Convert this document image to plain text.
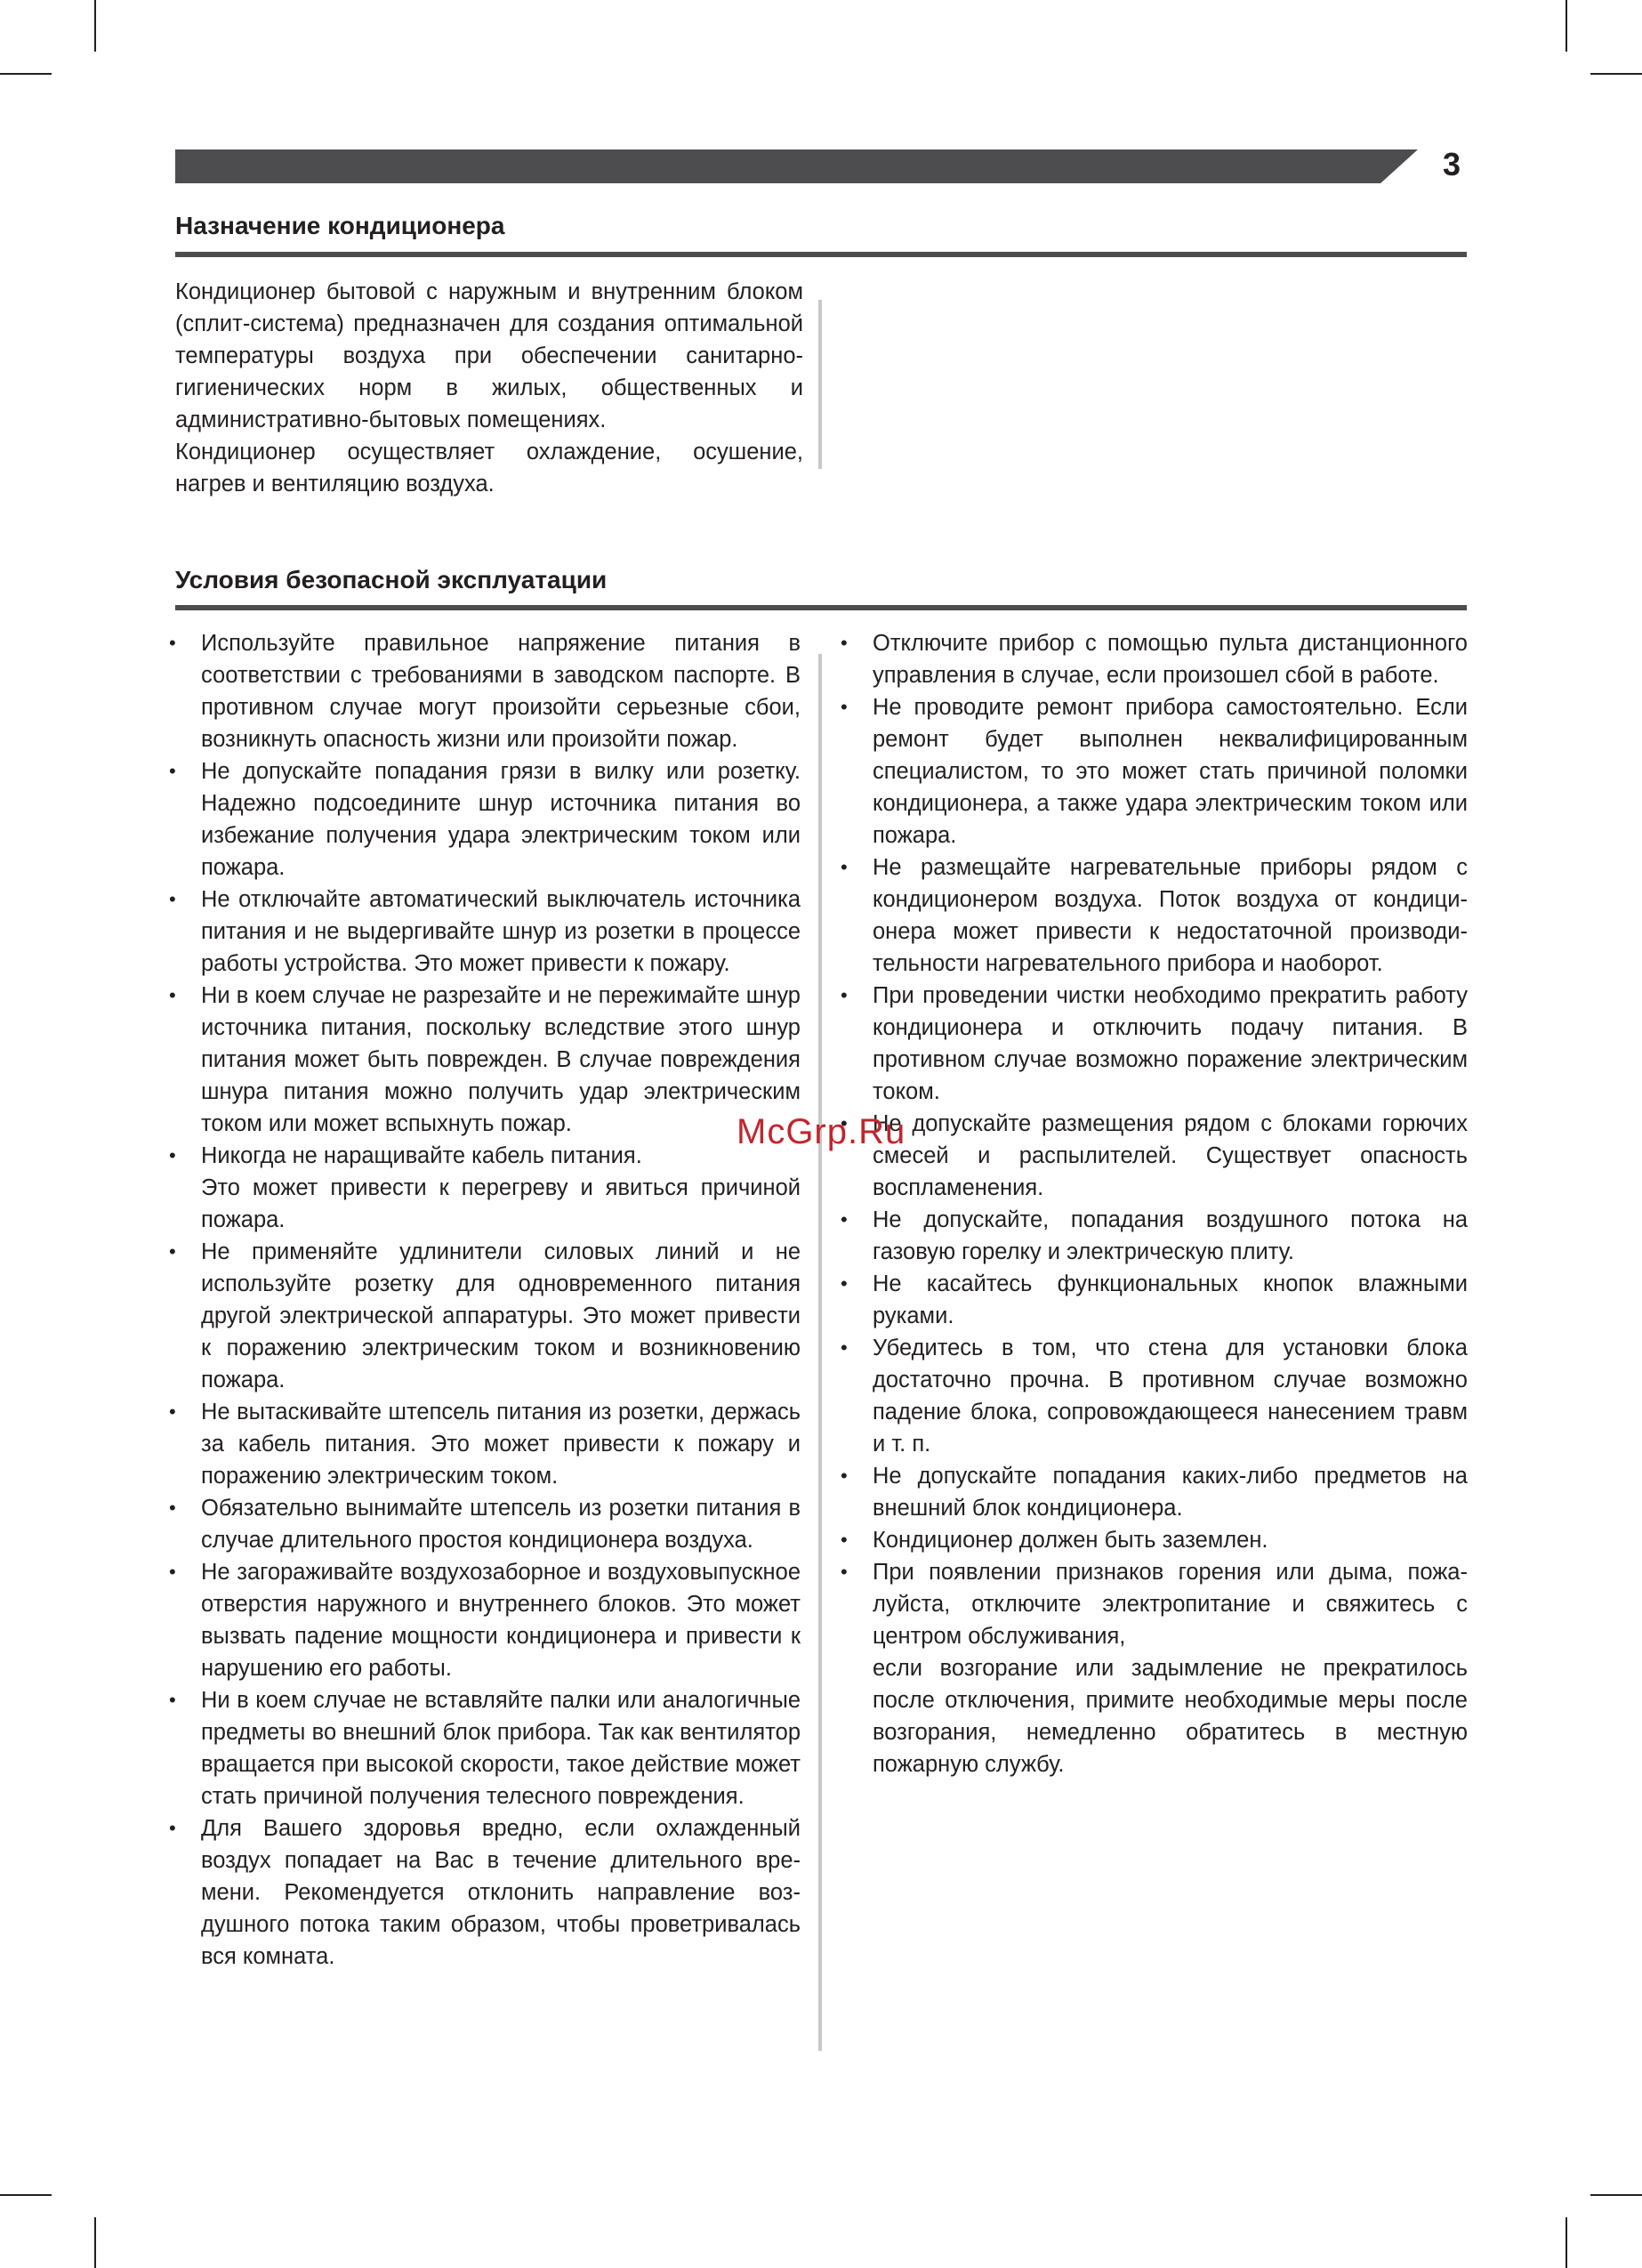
3
Назначение кондиционера

Кондиционер бытовой с наружным и внутренним блоком (сплит-система) предназначен для создания оптимальной температуры воздуха при обеспечении санитарно-гигиенических норм в жилых, общественных и административно-бытовых помещениях.

Кондиционер осуществляет охлаждение, осушение, нагрев и вентиляцию воздуха.

Условия безопасной эксплуатации
• Используйте правильное напряжение питания в соответствии с требованиями в заводском паспорте. В противном случае могут произойти серьезные сбои, возникнуть опасность жизни или произойти пожар.
• Не допускайте попадания грязи в вилку или розетку. Надежно подсоедините шнур источника питания во избежание получения удара электрическим током или пожара.
• Не отключайте автоматический выключатель источника питания и не выдергивайте шнур из розетки в процессе работы устройства. Это может привести к пожару.
• Ни в коем случае не разрезайте и не пережимайте шнур источника питания, поскольку вследствие этого шнур питания может быть поврежден. В случае повреждения шнура питания можно получить удар электрическим током или может вспыхнуть пожар.
• Никогда не наращивайте кабель питания.
Это может привести к перегреву и явиться причиной пожара.
• Не применяйте удлинители силовых линий и не используйте розетку для одновременного питания другой электрической аппаратуры. Это может привести к поражению электрическим током и возникновению пожара.
• Не вытаскивайте штепсель питания из розетки, держась за кабель питания. Это может привести к пожару и поражению электрическим током.
• Обязательно вынимайте штепсель из розетки питания в случае длительного простоя кондиционера воздуха.
• Не загораживайте воздухозаборное и воздуховыпускное отверстия наружного и внутреннего блоков. Это может вызвать падение мощности кондиционера и привести к нарушению его работы.
• Ни в коем случае не вставляйте палки или аналогичные предметы во внешний блок прибора. Так как вентилятор вращается при высокой скорости, такое действие может стать причиной получения телесного повреждения.
• Для Вашего здоровья вредно, если охлажденный воздух попадает на Вас в течение длительного времени. Рекомендуется отклонить направление воздушного потока таким образом, чтобы проветривалась вся комната.
• Отключите прибор с помощью пульта дистанционного управления в случае, если произошел сбой в работе.
• Не проводите ремонт прибора самостоятельно. Если ремонт будет выполнен неквалифицированным специалистом, то это может стать причиной поломки кондиционера, а также удара электрическим током или пожара.
• Не размещайте нагревательные приборы рядом с кондиционером воздуха. Поток воздуха от кондиционера может привести к недостаточной производительности нагревательного прибора и наоборот.
• При проведении чистки необходимо прекратить работу кондиционера и отключить подачу питания. В противном случае возможно поражение электрическим током.
• Не допускайте размещения рядом с блоками горючих смесей и распылителей. Существует опасность воспламенения.
• Не допускайте, попадания воздушного потока на газовую горелку и электрическую плиту.
• Не касайтесь функциональных кнопок влажными руками.
• Убедитесь в том, что стена для установки блока достаточно прочна. В противном случае возможно падение блока, сопровождающееся нанесением травм и т. п.
• Не допускайте попадания каких-либо предметов на внешний блок кондиционера.
• Кондиционер должен быть заземлен.
• При появлении признаков горения или дыма, пожалуйста, отключите электропитание и свяжитесь с центром обслуживания,
если возгорание или задымление не прекратилось после отключения, примите необходимые меры после возгорания, немедленно обратитесь в местную пожарную службу.
McGrp.Ru
